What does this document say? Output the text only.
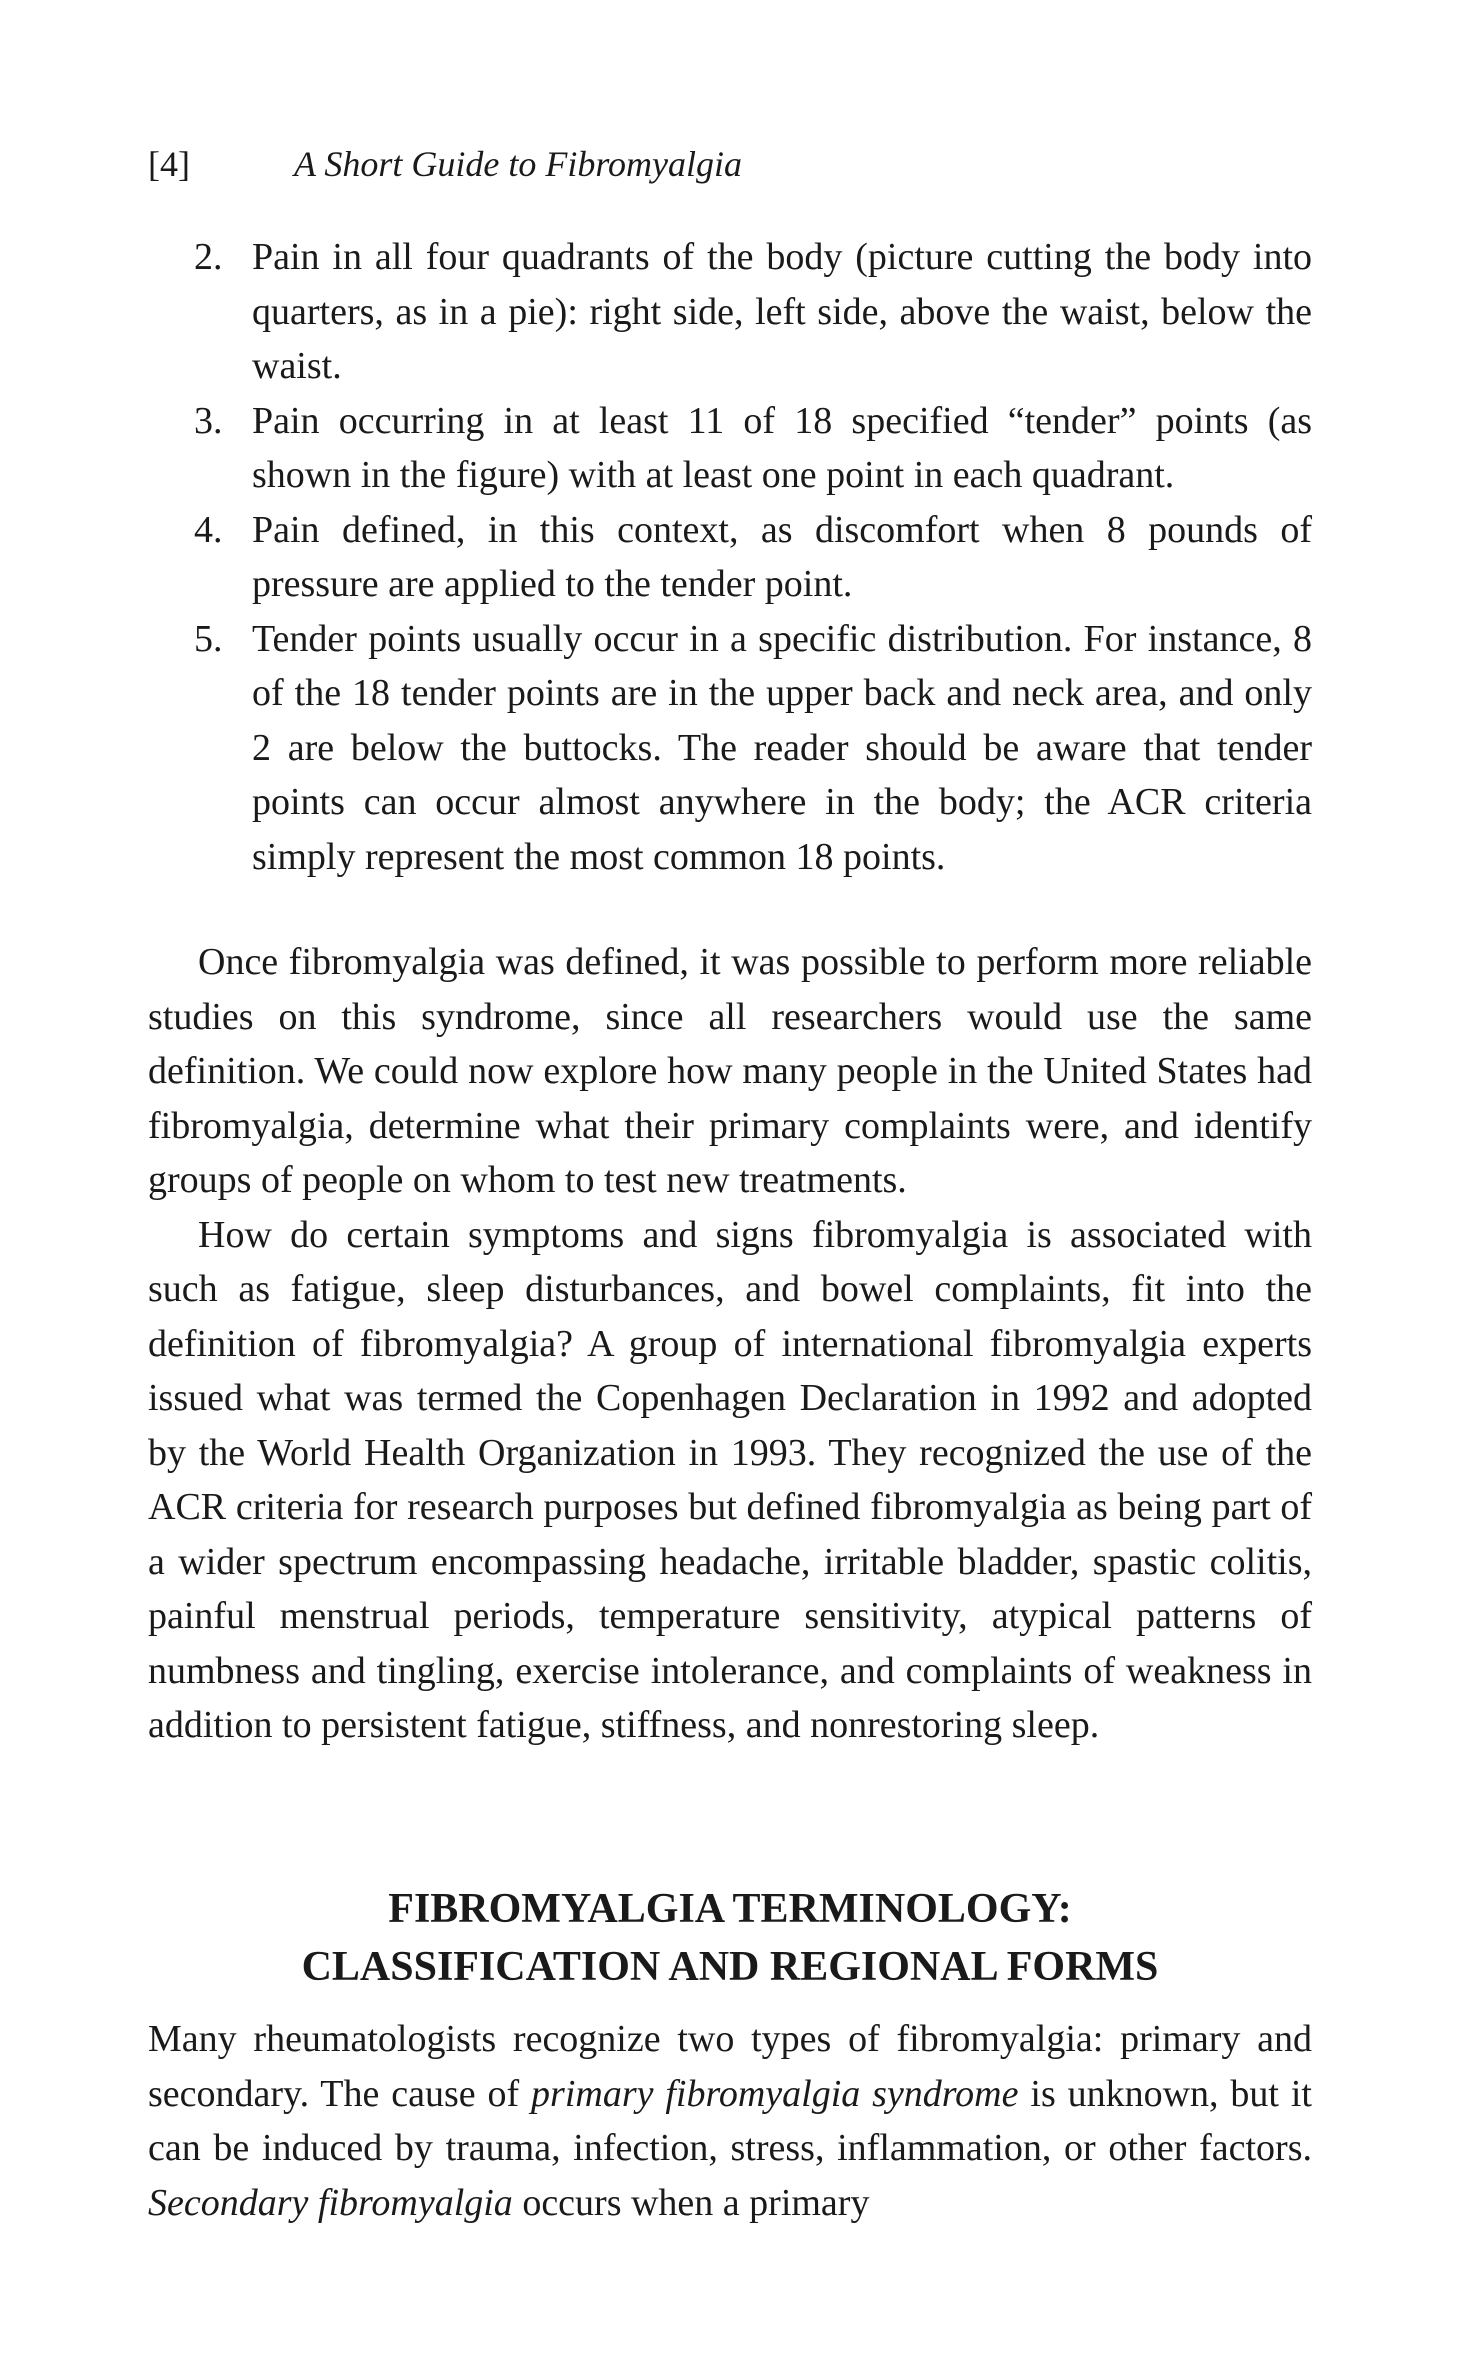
[4]	A Short Guide to Fibromyalgia
2. Pain in all four quadrants of the body (picture cutting the body into quarters, as in a pie): right side, left side, above the waist, below the waist.
3. Pain occurring in at least 11 of 18 specified “tender” points (as shown in the figure) with at least one point in each quadrant.
4. Pain defined, in this context, as discomfort when 8 pounds of pressure are applied to the tender point.
5. Tender points usually occur in a specific distribution. For instance, 8 of the 18 tender points are in the upper back and neck area, and only 2 are below the buttocks. The reader should be aware that tender points can occur almost anywhere in the body; the ACR criteria simply represent the most common 18 points.

Once fibromyalgia was defined, it was possible to perform more reliable studies on this syndrome, since all researchers would use the same definition. We could now explore how many people in the United States had fibromyalgia, determine what their primary complaints were, and identify groups of people on whom to test new treatments.

How do certain symptoms and signs fibromyalgia is associated with such as fatigue, sleep disturbances, and bowel complaints, fit into the definition of fibromyalgia? A group of international fibromyalgia experts issued what was termed the Copenhagen Declaration in 1992 and adopted by the World Health Organization in 1993. They recognized the use of the ACR criteria for research purposes but defined fibromyalgia as being part of a wider spectrum encompassing headache, irritable bladder, spastic colitis, painful menstrual periods, temperature sensitivity, atypical patterns of numbness and tingling, exercise intolerance, and complaints of weakness in addition to persistent fatigue, stiffness, and nonrestoring sleep.

FIBROMYALGIA TERMINOLOGY:
CLASSIFICATION AND REGIONAL FORMS

Many rheumatologists recognize two types of fibromyalgia: primary and secondary. The cause of primary fibromyalgia syndrome is unknown, but it can be induced by trauma, infection, stress, inflammation, or other factors. Secondary fibromyalgia occurs when a primary
